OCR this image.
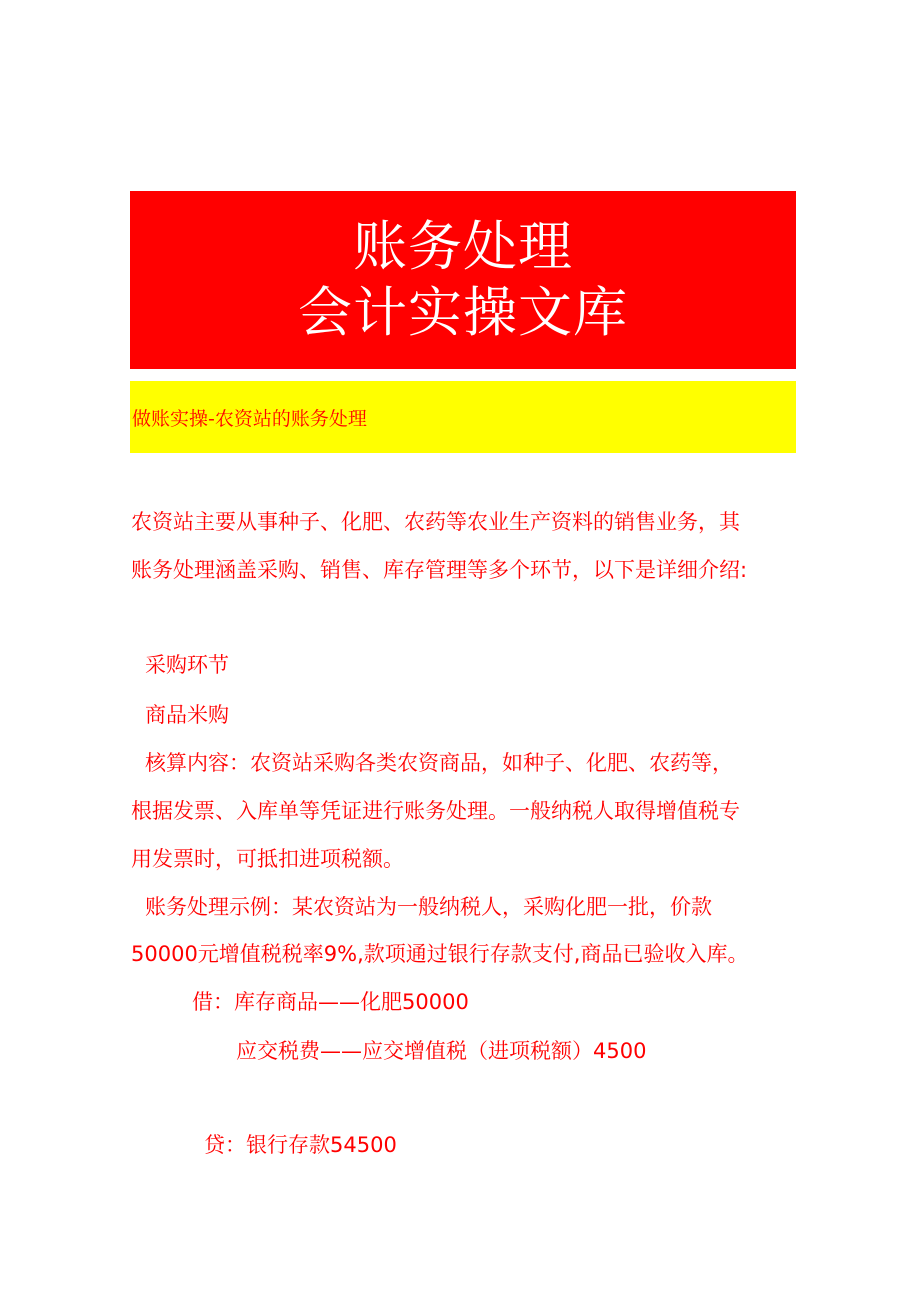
账务处理
会计实操文库
做账实操-农资站的账务处理
农资站主要从事种子、化肥、农药等农业生产资料的销售业务，其
账务处理涵盖采购、销售、库存管理等多个环节，以下是详细介绍:
采购环节
商品米购
核算内容：农资站采购各类农资商品，如种子、化肥、农药等，
根据发票、入库单等凭证进行账务处理。一般纳税人取得增值税专
用发票时，可抵扣进项税额。
账务处理示例：某农资站为一般纳税人，采购化肥一批，价款
50000元增值税税率9%,款项通过银行存款支付,商品已验收入库。
借：库存商品——化肥50000
应交税费——应交增值税（进项税额）4500
贷：银行存款54500
